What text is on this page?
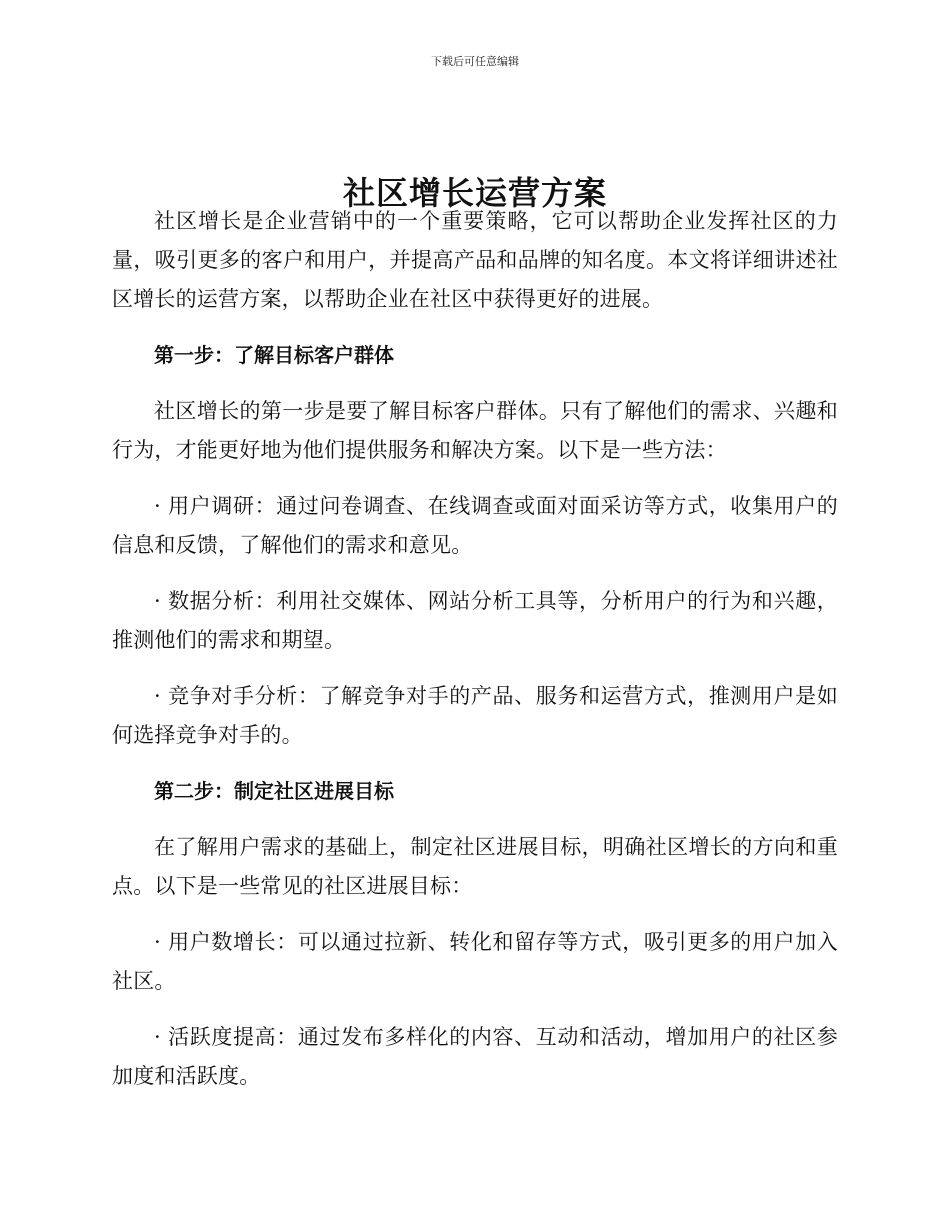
下载后可任意编辑
社区增长运营方案

社区增长是企业营销中的一个重要策略，它可以帮助企业发挥社区的力量，吸引更多的客户和用户，并提高产品和品牌的知名度。本文将详细讲述社区增长的运营方案，以帮助企业在社区中获得更好的进展。

第一步：了解目标客户群体

社区增长的第一步是要了解目标客户群体。只有了解他们的需求、兴趣和行为，才能更好地为他们提供服务和解决方案。以下是一些方法：

· 用户调研：通过问卷调查、在线调查或面对面采访等方式，收集用户的信息和反馈，了解他们的需求和意见。

· 数据分析：利用社交媒体、网站分析工具等，分析用户的行为和兴趣，推测他们的需求和期望。

· 竞争对手分析：了解竞争对手的产品、服务和运营方式，推测用户是如何选择竞争对手的。

第二步：制定社区进展目标

在了解用户需求的基础上，制定社区进展目标，明确社区增长的方向和重点。以下是一些常见的社区进展目标：

· 用户数增长：可以通过拉新、转化和留存等方式，吸引更多的用户加入社区。

· 活跃度提高：通过发布多样化的内容、互动和活动，增加用户的社区参加度和活跃度。
